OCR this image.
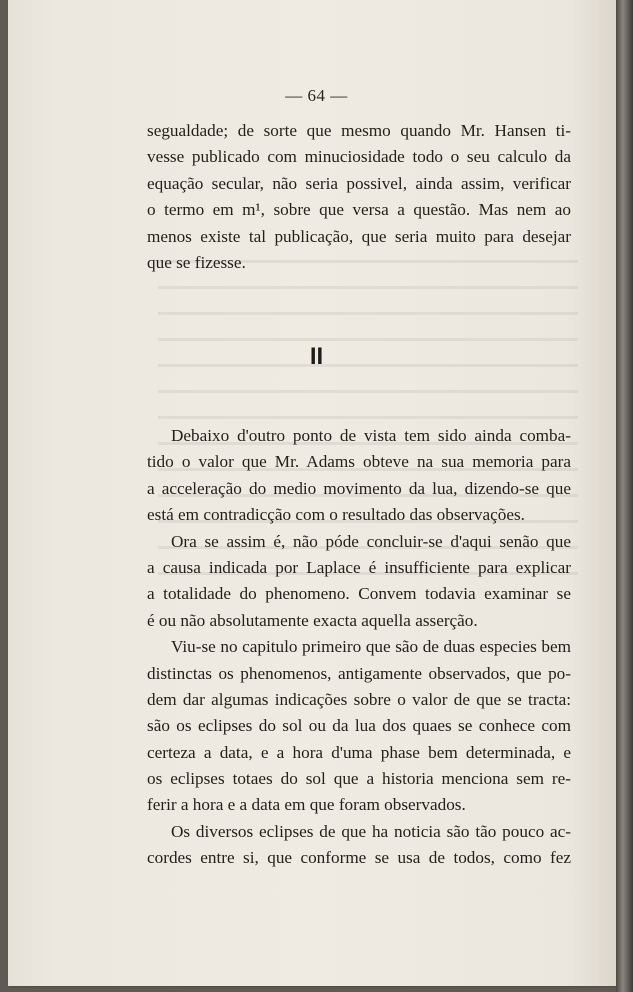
— 64 —
segualdade; de sorte que mesmo quando Mr. Hansen ti-
vesse publicado com minuciosidade todo o seu calculo da
equação secular, não seria possivel, ainda assim, verificar
o termo em m¹, sobre que versa a questão. Mas nem ao
menos existe tal publicação, que seria muito para desejar
que se fizesse.
II
Debaixo d'outro ponto de vista tem sido ainda comba-
tido o valor que Mr. Adams obteve na sua memoria para
a acceleração do medio movimento da lua, dizendo-se que
está em contradicção com o resultado das observações.
Ora se assim é, não póde concluir-se d'aqui senão que
a causa indicada por Laplace é insufficiente para explicar
a totalidade do phenomeno. Convem todavia examinar se
é ou não absolutamente exacta aquella asserção.
Viu-se no capitulo primeiro que são de duas especies bem
distinctas os phenomenos, antigamente observados, que po-
dem dar algumas indicações sobre o valor de que se tracta:
são os eclipses do sol ou da lua dos quaes se conhece com
certeza a data, e a hora d'uma phase bem determinada, e
os eclipses totaes do sol que a historia menciona sem re-
ferir a hora e a data em que foram observados.
Os diversos eclipses de que ha noticia são tão pouco ac-
cordes entre si, que conforme se usa de todos, como fez
